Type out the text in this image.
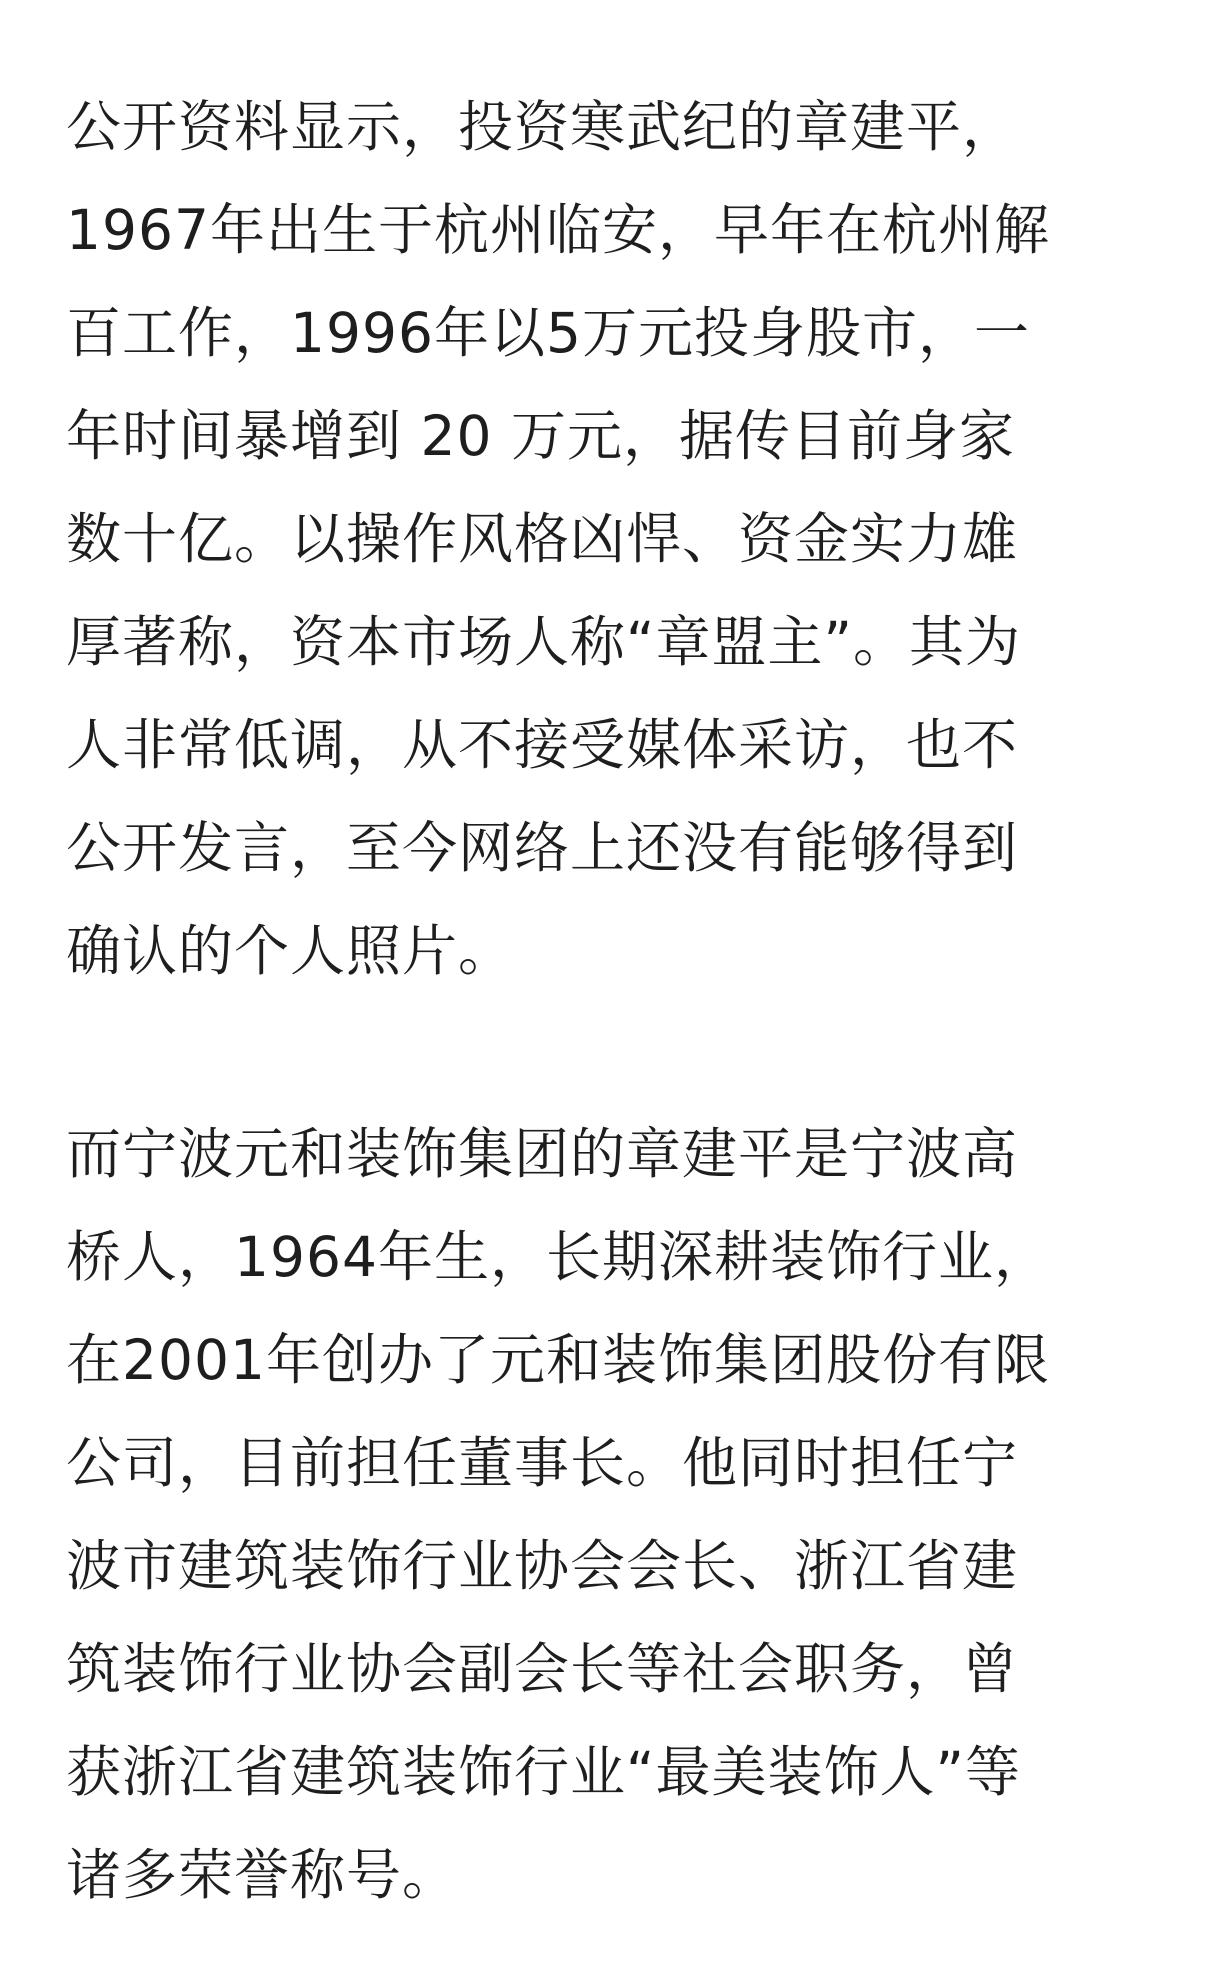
公开资料显示，投资寒武纪的章建平，
1967年出生于杭州临安，早年在杭州解
百工作，1996年以5万元投身股市，一
年时间暴增到 20 万元，据传目前身家
数十亿。以操作风格凶悍、资金实力雄
厚著称，资本市场人称“章盟主”。其为
人非常低调，从不接受媒体采访，也不
公开发言，至今网络上还没有能够得到
确认的个人照片。

而宁波元和装饰集团的章建平是宁波高
桥人，1964年生，长期深耕装饰行业，
在2001年创办了元和装饰集团股份有限
公司，目前担任董事长。他同时担任宁
波市建筑装饰行业协会会长、浙江省建
筑装饰行业协会副会长等社会职务，曾
获浙江省建筑装饰行业“最美装饰人”等
诸多荣誉称号。
